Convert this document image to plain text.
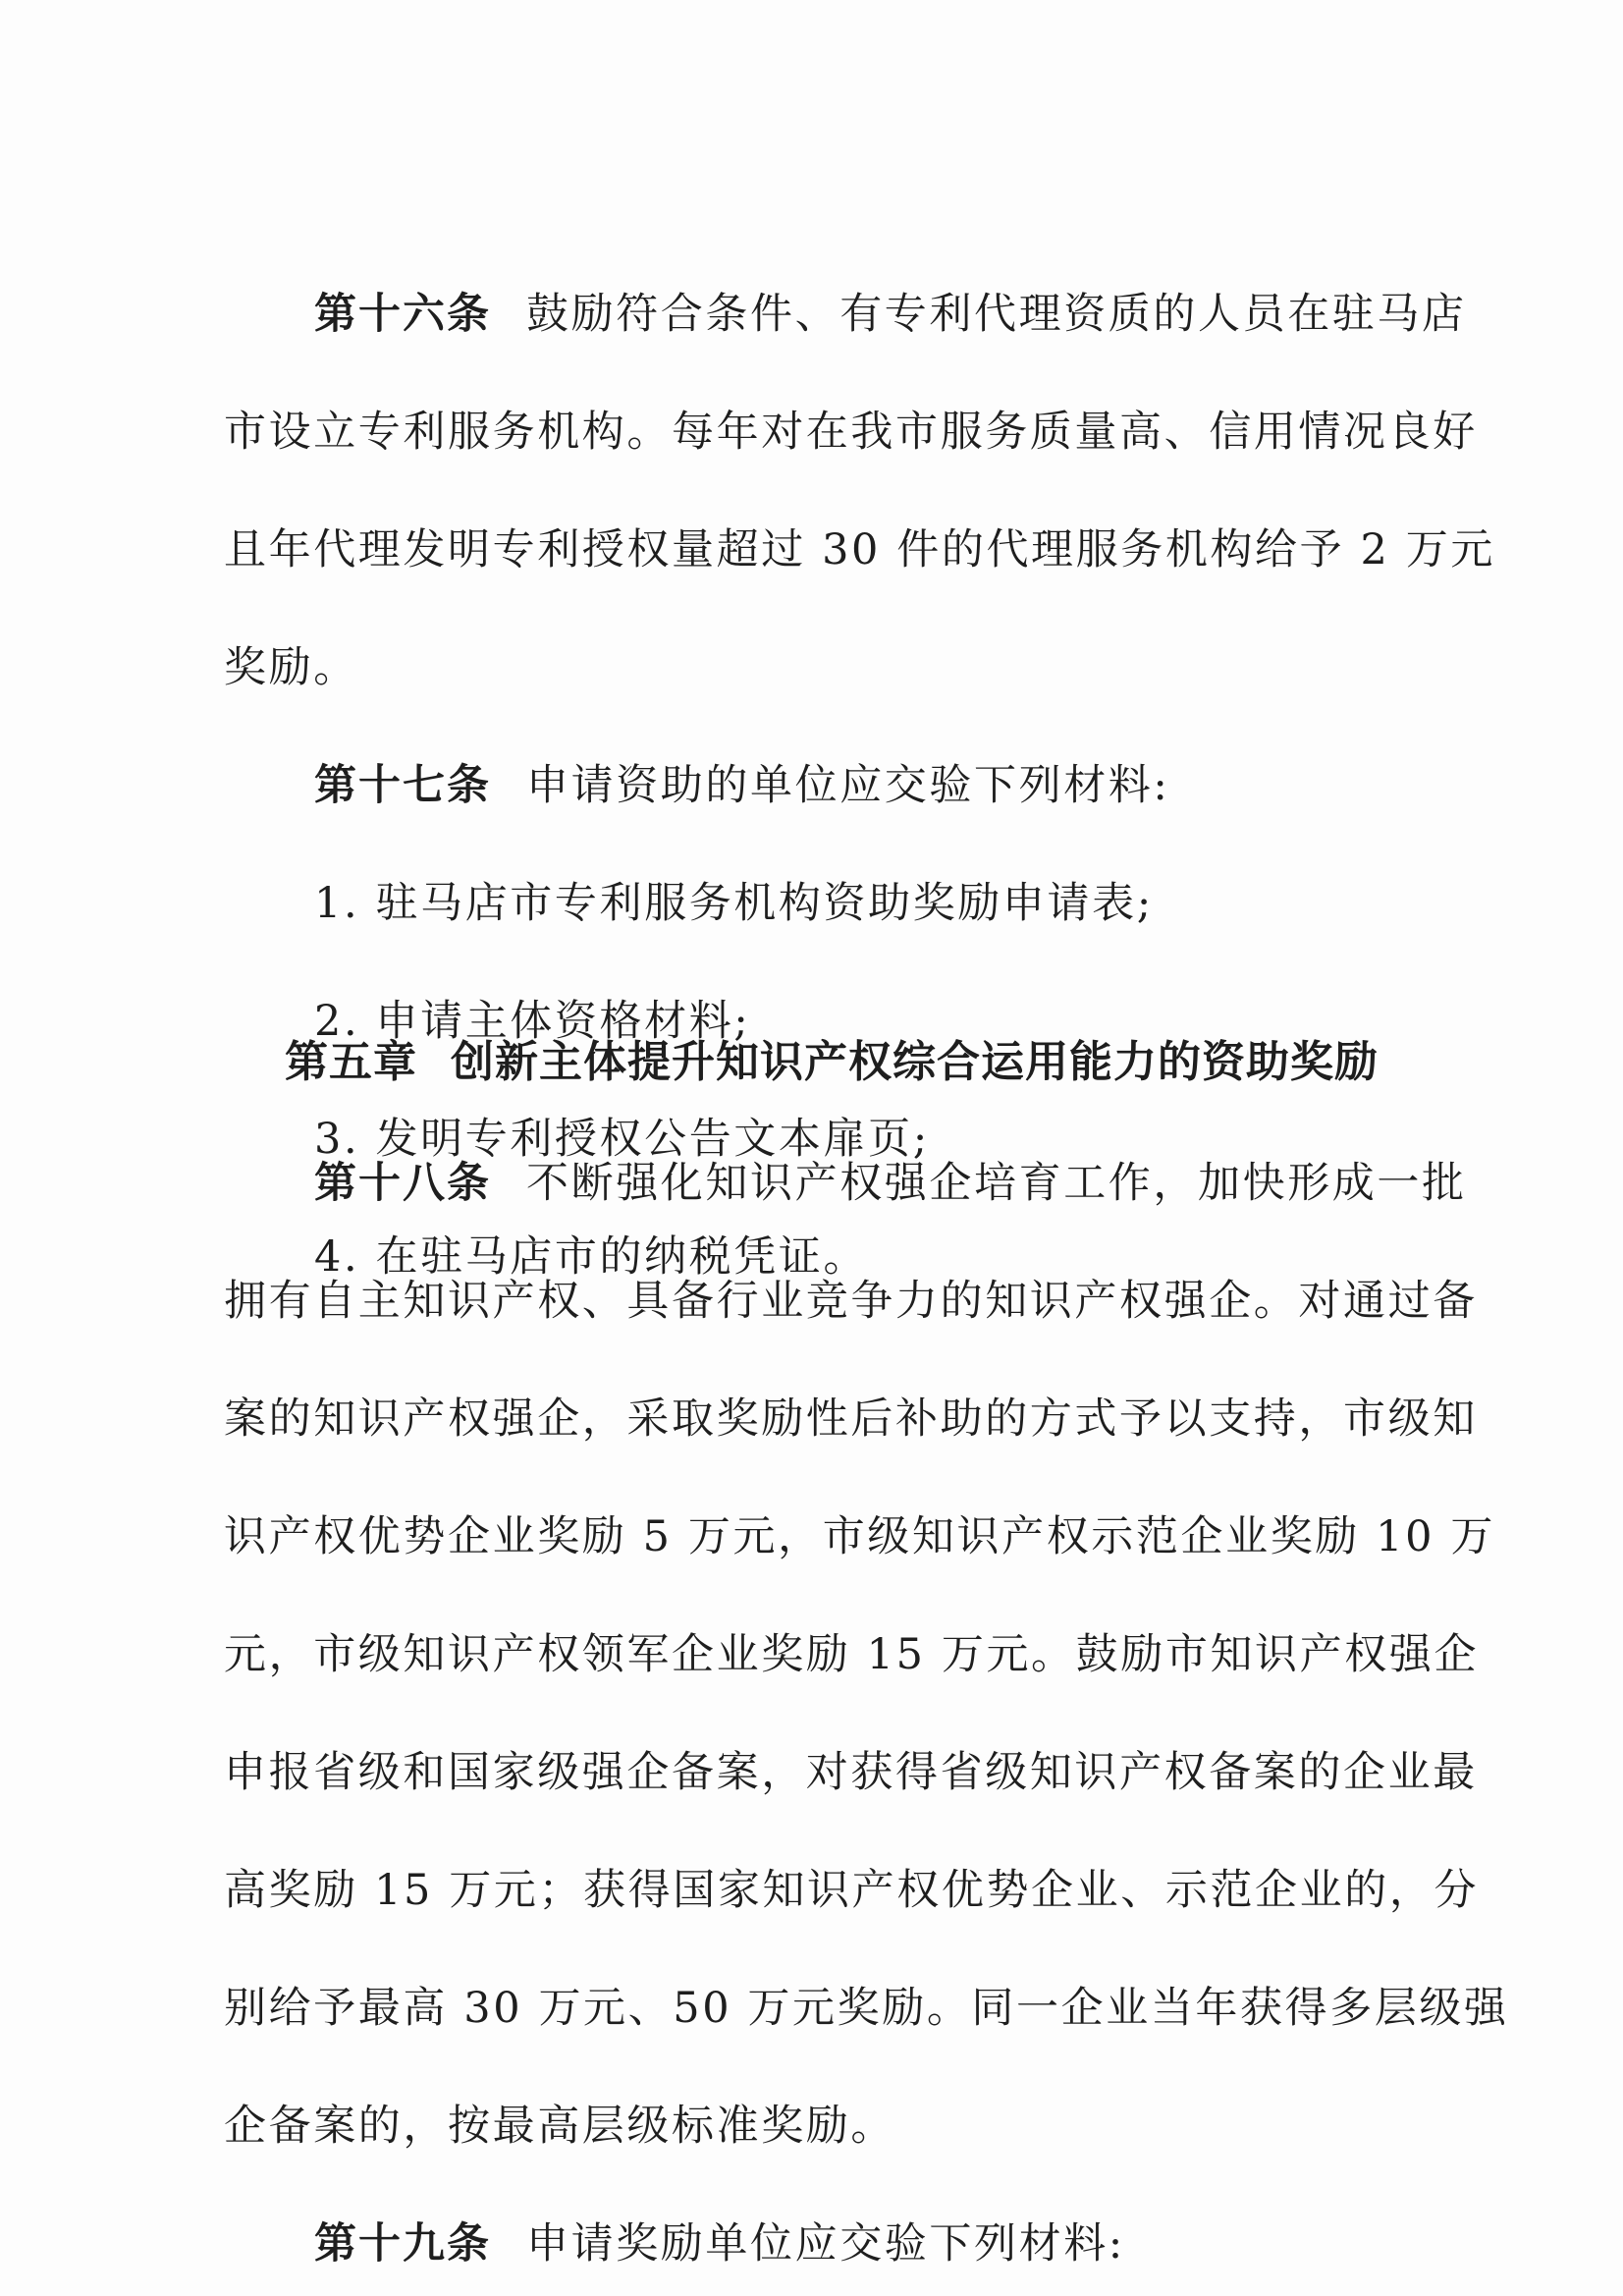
第十六条 鼓励符合条件、有专利代理资质的人员在驻马店
市设立专利服务机构。每年对在我市服务质量高、信用情况良好
且年代理发明专利授权量超过 30 件的代理服务机构给予 2 万元
奖励。
第十七条 申请资助的单位应交验下列材料:
1. 驻马店市专利服务机构资助奖励申请表;
2. 申请主体资格材料;
3. 发明专利授权公告文本扉页;
4. 在驻马店市的纳税凭证。
第五章 创新主体提升知识产权综合运用能力的资助奖励
第十八条 不断强化知识产权强企培育工作，加快形成一批
拥有自主知识产权、具备行业竞争力的知识产权强企。对通过备
案的知识产权强企，采取奖励性后补助的方式予以支持，市级知
识产权优势企业奖励 5 万元，市级知识产权示范企业奖励 10 万
元，市级知识产权领军企业奖励 15 万元。鼓励市知识产权强企
申报省级和国家级强企备案，对获得省级知识产权备案的企业最
高奖励 15 万元；获得国家知识产权优势企业、示范企业的，分
别给予最高 30 万元、50 万元奖励。同一企业当年获得多层级强
企备案的，按最高层级标准奖励。
第十九条 申请奖励单位应交验下列材料:
